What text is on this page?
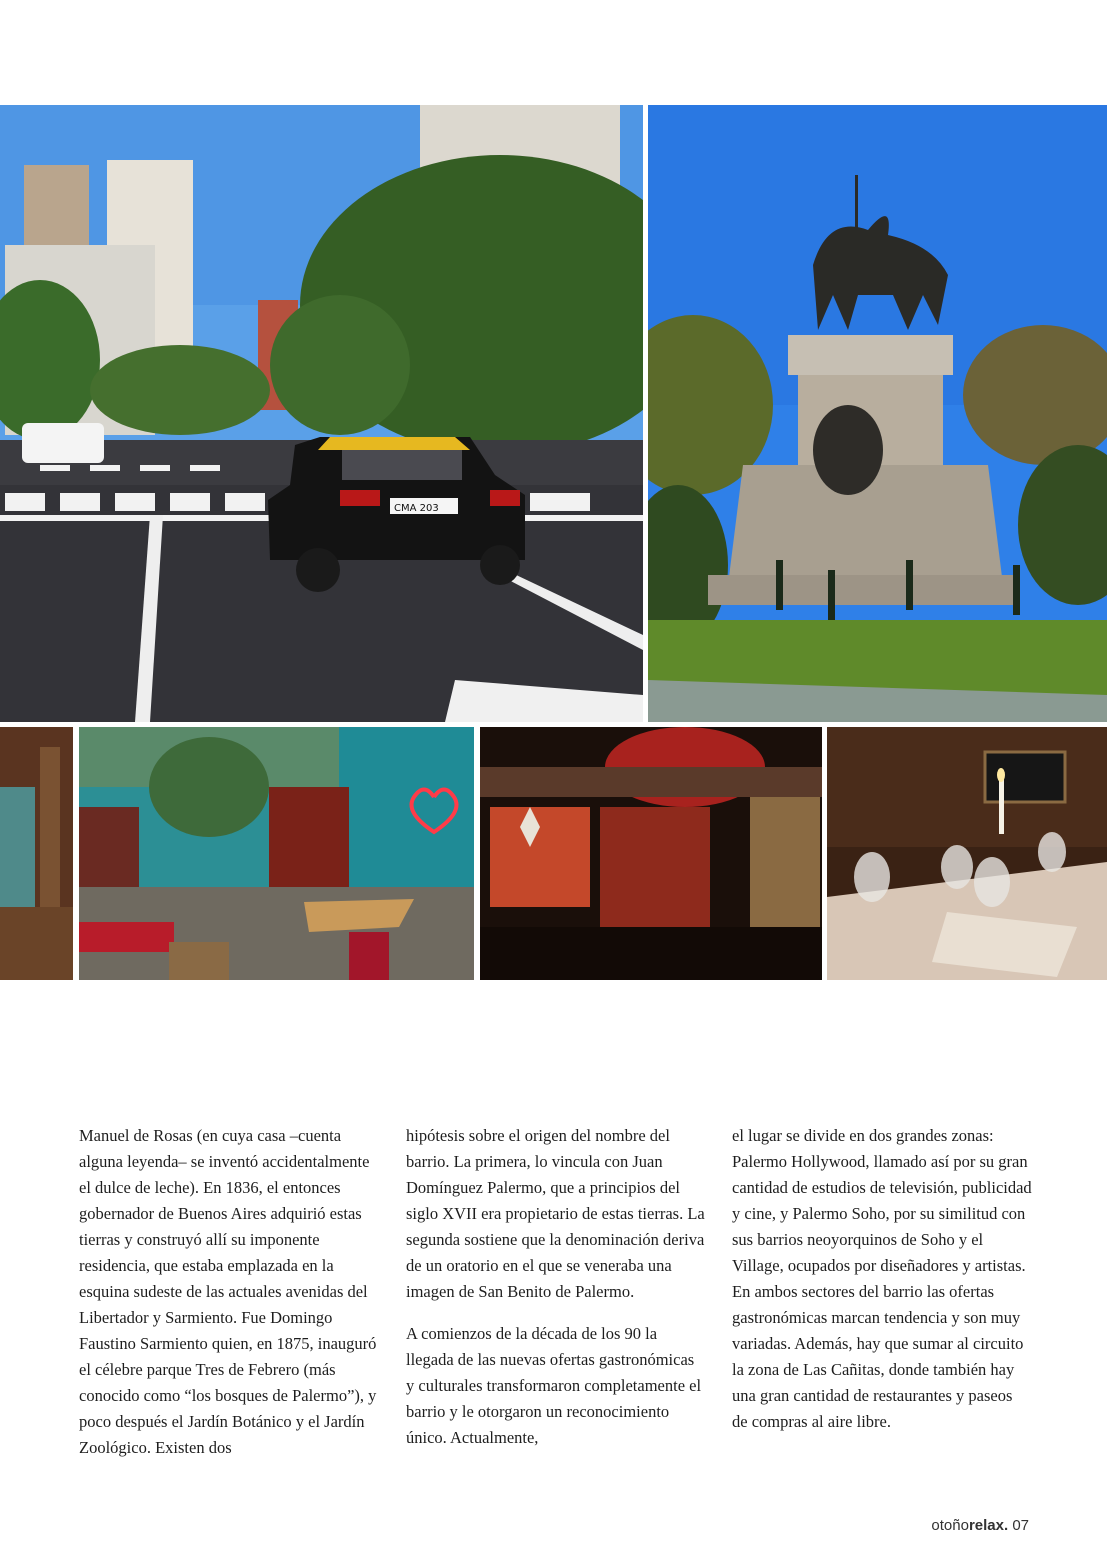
CMA 203

Manuel de Rosas (en cuya casa –cuenta alguna leyenda– se inventó accidentalmente el dulce de leche). En 1836, el entonces gobernador de Buenos Aires adquirió estas tierras y construyó allí su imponente residencia, que estaba emplazada en la esquina sudeste de las actuales avenidas del Libertador y Sarmiento. Fue Domingo Faustino Sarmiento quien, en 1875, inauguró el célebre parque Tres de Febrero (más conocido como “los bosques de Palermo”), y poco después el Jardín Botánico y el Jardín Zoológico. Existen dos

hipótesis sobre el origen del nombre del barrio. La primera, lo vincula con Juan Domínguez Palermo, que a principios del siglo XVII era propietario de estas tierras. La segunda sostiene que la denominación deriva de un oratorio en el que se veneraba una imagen de San Benito de Palermo.

A comienzos de la década de los 90 la llegada de las nuevas ofertas gastronómicas y culturales transformaron completamente el barrio y le otorgaron un reconocimiento único. Actualmente,

el lugar se divide en dos grandes zonas: Palermo Hollywood, llamado así por su gran cantidad de estudios de televisión, publicidad y cine, y Palermo Soho, por su similitud con sus barrios neoyorquinos de Soho y el Village, ocupados por diseñadores y artistas. En ambos sectores del barrio las ofertas gastronómicas marcan tendencia y son muy variadas. Además, hay que sumar al circuito la zona de Las Cañitas, donde también hay una gran cantidad de restaurantes y paseos de compras al aire libre.

otoñorelax. 07
